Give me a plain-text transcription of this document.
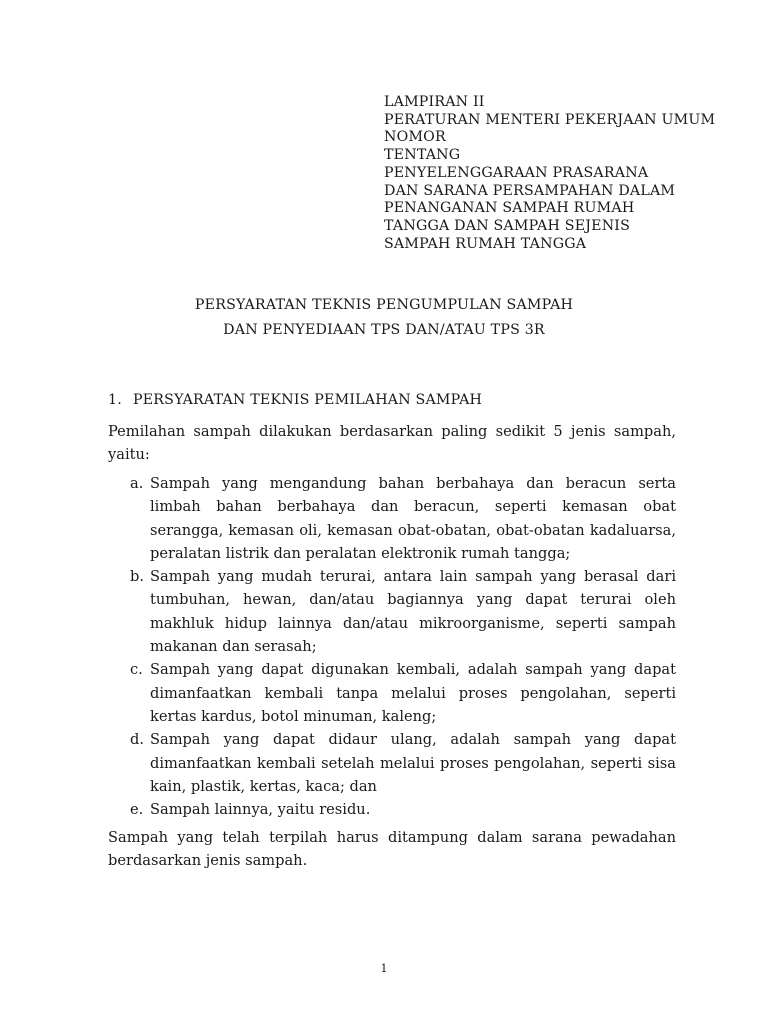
LAMPIRAN II
PERATURAN MENTERI PEKERJAAN UMUM
NOMOR
TENTANG
PENYELENGGARAAN PRASARANA
DAN SARANA PERSAMPAHAN DALAM
PENANGANAN SAMPAH RUMAH
TANGGA DAN SAMPAH SEJENIS
SAMPAH RUMAH TANGGA
PERSYARATAN TEKNIS PENGUMPULAN SAMPAH
DAN PENYEDIAAN TPS DAN/ATAU TPS 3R
1. PERSYARATAN TEKNIS PEMILAHAN SAMPAH

Pemilahan sampah dilakukan berdasarkan paling sedikit 5 jenis sampah, yaitu:

a. Sampah yang mengandung bahan berbahaya dan beracun serta limbah bahan berbahaya dan beracun, seperti kemasan obat serangga, kemasan oli, kemasan obat-obatan, obat-obatan kadaluarsa, peralatan listrik dan peralatan elektronik rumah tangga;
b. Sampah yang mudah terurai, antara lain sampah yang berasal dari tumbuhan, hewan, dan/atau bagiannya yang dapat terurai oleh makhluk hidup lainnya dan/atau mikroorganisme, seperti sampah makanan dan serasah;
c. Sampah yang dapat digunakan kembali, adalah sampah yang dapat dimanfaatkan kembali tanpa melalui proses pengolahan, seperti kertas kardus, botol minuman, kaleng;
d. Sampah yang dapat didaur ulang, adalah sampah yang dapat dimanfaatkan kembali setelah melalui proses pengolahan, seperti sisa kain, plastik, kertas, kaca; dan
e. Sampah lainnya, yaitu residu.

Sampah yang telah terpilah harus ditampung dalam sarana pewadahan berdasarkan jenis sampah.

1
